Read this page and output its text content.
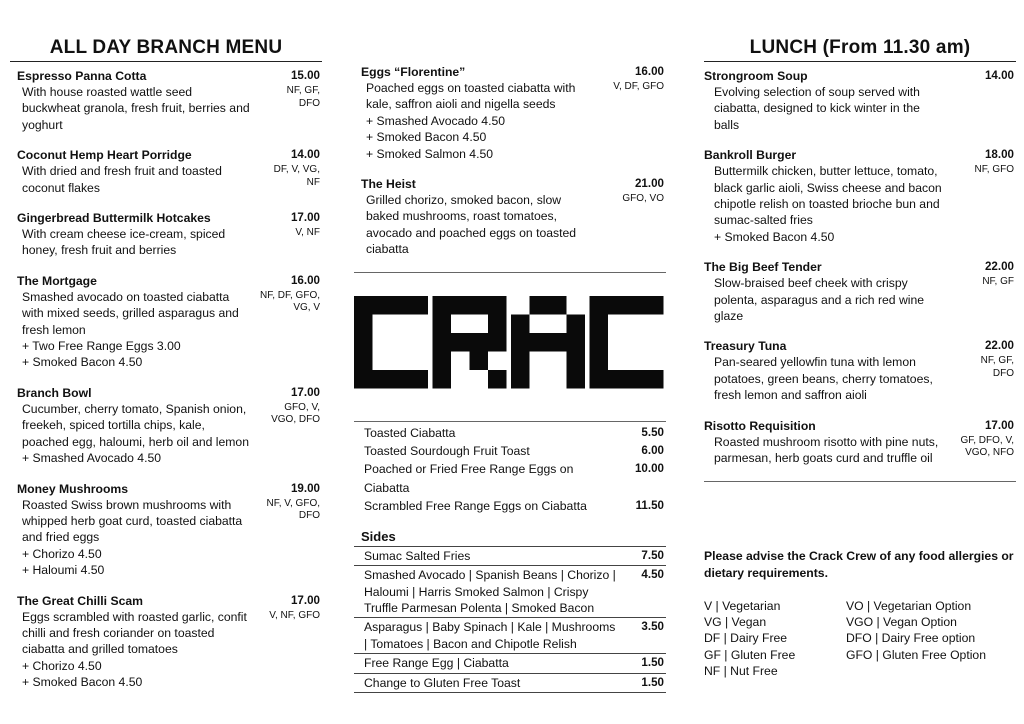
ALL DAY BRANCH MENU
Espresso Panna Cotta	15.00
With house roasted wattle seed buckwheat granola, fresh fruit, berries and yoghurt
NF, GF,
DFO
Coconut Hemp Heart Porridge	14.00
With dried and fresh fruit and toasted coconut flakes
DF, V, VG,
NF
Gingerbread Buttermilk Hotcakes	17.00
With cream cheese ice-cream, spiced honey, fresh fruit and berries
V, NF
The Mortgage	16.00
Smashed avocado on toasted ciabatta with mixed seeds, grilled asparagus and fresh lemon
+ Two Free Range Eggs 3.00
+ Smoked Bacon 4.50
NF, DF, GFO,
VG, V
Branch Bowl	17.00
Cucumber, cherry tomato, Spanish onion, freekeh, spiced tortilla chips, kale, poached egg, haloumi, herb oil and lemon
+ Smashed Avocado 4.50
GFO, V,
VGO, DFO
Money Mushrooms	19.00
Roasted Swiss brown mushrooms with whipped herb goat curd, toasted ciabatta and fried eggs
+ Chorizo 4.50
+ Haloumi 4.50
NF, V, GFO,
DFO
The Great Chilli Scam	17.00
Eggs scrambled with roasted garlic, confit chilli and fresh coriander on toasted ciabatta and grilled tomatoes
+ Chorizo 4.50
+ Smoked Bacon 4.50
V, NF, GFO
Eggs “Florentine”	16.00
Poached eggs on toasted ciabatta with kale, saffron aioli and nigella seeds
+ Smashed Avocado 4.50
+ Smoked Bacon 4.50
+ Smoked Salmon 4.50
V, DF, GFO
The Heist	21.00
Grilled chorizo, smoked bacon, slow baked mushrooms, roast tomatoes, avocado and poached eggs on toasted ciabatta
GFO, VO
Toasted Ciabatta	5.50
Toasted Sourdough Fruit Toast	6.00
Poached or Fried Free Range Eggs on Ciabatta
10.00
Scrambled Free Range Eggs on Ciabatta	11.50
Sides
Sumac Salted Fries	7.50
Smashed Avocado | Spanish Beans | Chorizo | Haloumi | Harris Smoked Salmon | Crispy Truffle Parmesan Polenta | Smoked Bacon
4.50
Asparagus | Baby Spinach | Kale | Mushrooms | Tomatoes | Bacon and Chipotle Relish
3.50
Free Range Egg | Ciabatta	1.50
Change to Gluten Free Toast	1.50
LUNCH (From 11.30 am)
Strongroom Soup	14.00
Evolving selection of soup served with ciabatta, designed to kick winter in the balls
Bankroll Burger	18.00
Buttermilk chicken, butter lettuce, tomato, black garlic aioli, Swiss cheese and bacon chipotle relish on toasted brioche bun and sumac-salted fries
+ Smoked Bacon 4.50
NF, GFO
The Big Beef Tender	22.00
Slow-braised beef cheek with crispy polenta, asparagus and a rich red wine glaze
NF, GF
Treasury Tuna	22.00
Pan-seared yellowfin tuna with lemon potatoes, green beans, cherry tomatoes, fresh lemon and saffron aioli
NF, GF,
DFO
Risotto Requisition	17.00
Roasted mushroom risotto with pine nuts, parmesan, herb goats curd and truffle oil
GF, DFO, V,
VGO, NFO
Please advise the Crack Crew of any food allergies or dietary requirements.
V | Vegetarian
VG | Vegan
DF | Dairy Free
GF | Gluten Free
NF | Nut Free
VO | Vegetarian Option
VGO | Vegan Option
DFO | Dairy Free option
GFO | Gluten Free Option
